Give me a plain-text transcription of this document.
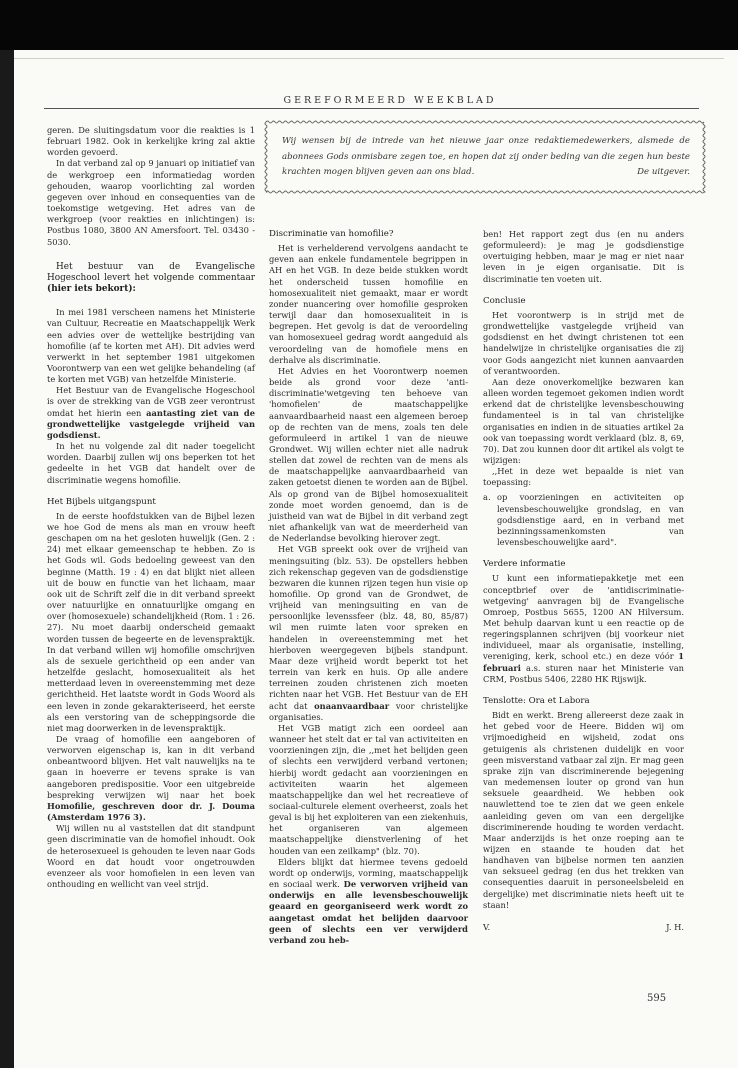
GEREFORMEERD WEEKBLAD
Wij wensen bij de intrede van het nieuwe jaar onze redaktiemedewerkers, alsmede de abonnees Gods onmisbare zegen toe, en hopen dat zij onder beding van die zegen hun beste krachten mogen blijven geven aan ons blad.	De uitgever.

geren. De sluitingsdatum voor die reakties is 1 februari 1982. Ook in kerkelijke kring zal aktie worden gevoerd.

In dat verband zal op 9 januari op initiatief van de werkgroep een informatiedag worden gehouden, waarop voorlichting zal worden gegeven over inhoud en consequenties van de toekomstige wetgeving. Het adres van de werkgroep (voor reakties en inlichtingen) is: Postbus 1080, 3800 AN Amersfoort. Tel. 03430 - 5030.

Het bestuur van de Evangelische Hogeschool levert het volgende commentaar (hier iets bekort):

In mei 1981 verscheen namens het Ministerie van Cultuur, Recreatie en Maatschappelijk Werk een advies over de wettelijke bestrijding van homofilie (af te korten met AH). Dit advies werd verwerkt in het september 1981 uitgekomen Voorontwerp van een wet gelijke behandeling (af te korten met VGB) van hetzelfde Ministerie.

Het Bestuur van de Evangelische Hogeschool is over de strekking van de VGB zeer verontrust omdat het hierin een aantasting ziet van de grondwettelijke vastgelegde vrijheid van godsdienst.

In het nu volgende zal dit nader toegelicht worden. Daarbij zullen wij ons beperken tot het gedeelte in het VGB dat handelt over de discriminatie wegens homofilie.

Het Bijbels uitgangspunt

In de eerste hoofdstukken van de Bijbel lezen we hoe God de mens als man en vrouw heeft geschapen om na het gesloten huwelijk (Gen. 2 : 24) met elkaar gemeenschap te hebben. Zo is het Gods wil. Gods bedoeling geweest van den beginne (Matth. 19 : 4) en dat blijkt niet alleen uit de bouw en functie van het lichaam, maar ook uit de Schrift zelf die in dit verband spreekt over natuurlijke en onnatuurlijke omgang en over (homosexuele) schandelijkheid (Rom. 1 : 26. 27). Nu moet daarbij onderscheid gemaakt worden tussen de begeerte en de levenspraktijk. In dat verband willen wij homofilie omschrijven als de sexuele gerichtheid op een ander van hetzelfde geslacht, homosexualiteit als het metterdaad leven in overeenstemming met deze gerichtheid. Het laatste wordt in Gods Woord als een leven in zonde gekarakteriseerd, het eerste als een verstoring van de scheppingsorde die niet mag doorwerken in de levenspraktijk.

De vraag of homofilie een aangeboren of verworven eigenschap is, kan in dit verband onbeantwoord blijven. Het valt nauwelijks na te gaan in hoeverre er tevens sprake is van aangeboren predispositie. Voor een uitgebreide bespreking verwijzen wij naar het boek Homofilie, geschreven door dr. J. Douma (Amsterdam 1976 3).

Wij willen nu al vaststellen dat dit standpunt geen discriminatie van de homofiel inhoudt. Ook de heterosexueel is gehouden te leven naar Gods Woord en dat houdt voor ongetrouwden evenzeer als voor homofielen in een leven van onthouding en wellicht van veel strijd.

Discriminatie van homofilie?

Het is verhelderend vervolgens aandacht te geven aan enkele fundamentele begrippen in AH en het VGB. In deze beide stukken wordt het onderscheid tussen homofilie en homosexualiteit niet gemaakt, maar er wordt zonder nuancering over homofilie gesproken terwijl daar dan homosexualiteit in is begrepen. Het gevolg is dat de veroordeling van homosexueel gedrag wordt aangeduid als veroordeling van de homofiele mens en derhalve als discriminatie.

Het Advies en het Voorontwerp noemen beide als grond voor deze 'anti-discriminatie'wetgeving ten behoeve van 'homofielen' de maatschappelijke aanvaardbaarheid naast een algemeen beroep op de rechten van de mens, zoals ten dele geformuleerd in artikel 1 van de nieuwe Grondwet. Wij willen echter niet alle nadruk stellen dat zowel de rechten van de mens als de maatschappelijke aanvaardbaarheid van zaken getoetst dienen te worden aan de Bijbel. Als op grond van de Bijbel homosexualiteit zonde moet worden genoemd, dan is de juistheid van wat de Bijbel in dit verband zegt niet afhankelijk van wat de meerderheid van de Nederlandse bevolking hierover zegt.

Het VGB spreekt ook over de vrijheid van meningsuiting (blz. 53). De opstellers hebben zich rekenschap gegeven van de godsdienstige bezwaren die kunnen rijzen tegen hun visie op homofilie. Op grond van de Grondwet, de vrijheid van meningsuiting en van de persoonlijke levenssfeer (blz. 48, 80, 85/87) wil men ruimte laten voor spreken en handelen in overeenstemming met het hierboven weergegeven bijbels standpunt. Maar deze vrijheid wordt beperkt tot het terrein van kerk en huis. Op alle andere terreinen zouden christenen zich moeten richten naar het VGB. Het Bestuur van de EH acht dat onaanvaardbaar voor christelijke organisaties.

Het VGB matigt zich een oordeel aan wanneer het stelt dat er tal van activiteiten en voorzieningen zijn, die ,,met het belijden geen of slechts een verwijderd verband vertonen; hierbij wordt gedacht aan voorzieningen en activiteiten waarin het algemeen maatschappelijke dan wel het recreatieve of sociaal-culturele element overheerst, zoals het geval is bij het exploiteren van een ziekenhuis, het organiseren van algemeen maatschappelijke dienstverlening of het houden van een zeilkamp" (blz. 70).

Elders blijkt dat hiermee tevens gedoeld wordt op onderwijs, vorming, maatschappelijk en sociaal werk. De verworven vrijheid van onderwijs en alle levensbeschouwelijk geaard en georganiseerd werk wordt zo aangetast omdat het belijden daarvoor geen of slechts een ver verwijderd verband zou heb-

ben! Het rapport zegt dus (en nu anders geformuleerd): je mag je godsdienstige overtuiging hebben, maar je mag er niet naar leven in je eigen organisatie. Dit is discriminatie ten voeten uit.

Conclusie

Het voorontwerp is in strijd met de grondwettelijke vastgelegde vrijheid van godsdienst en het dwingt christenen tot een handelwijze in christelijke organisaties die zij voor Gods aangezicht niet kunnen aanvaarden of verantwoorden.

Aan deze onoverkomelijke bezwaren kan alleen worden tegemoet gekomen indien wordt erkend dat de christelijke levensbeschouwing fundamenteel is in tal van christelijke organisaties en indien in de situaties artikel 2a ook van toepassing wordt verklaard (blz. 8, 69, 70). Dat zou kunnen door dit artikel als volgt te wijzigen:

,,Het in deze wet bepaalde is niet van toepassing:

a. op voorzieningen en activiteiten op levensbeschouwelijke grondslag, en van godsdienstige aard, en in verband met bezinningssamenkomsten van levensbeschouwelijke aard".
Verdere informatie

U kunt een informatiepakketje met een conceptbrief over de 'antidiscriminatie-wetgeving' aanvragen bij de Evangelische Omroep, Postbus 5655, 1200 AN Hilversum. Met behulp daarvan kunt u een reactie op de regeringsplannen schrijven (bij voorkeur niet individueel, maar als organisatie, instelling, vereniging, kerk, school etc.) en deze vóór 1 februari a.s. sturen naar het Ministerie van CRM, Postbus 5406, 2280 HK Rijswijk.

Tenslotte: Ora et Labora

Bidt en werkt. Breng allereerst deze zaak in het gebed voor de Heere. Bidden wij om vrijmoedigheid en wijsheid, zodat ons getuigenis als christenen duidelijk en voor geen misverstand vatbaar zal zijn. Er mag geen sprake zijn van discriminerende bejegening van medemensen louter op grond van hun seksuele geaardheid. We hebben ook nauwlettend toe te zien dat we geen enkele aanleiding geven om van een dergelijke discriminerende houding te worden verdacht. Maar anderzijds is het onze roeping aan te wijzen en staande te houden dat het handhaven van bijbelse normen ten aanzien van seksueel gedrag (en dus het trekken van consequenties daaruit in personeelsbeleid en dergelijke) met discriminatie niets heeft uit te staan!

V.	J. H.
595
